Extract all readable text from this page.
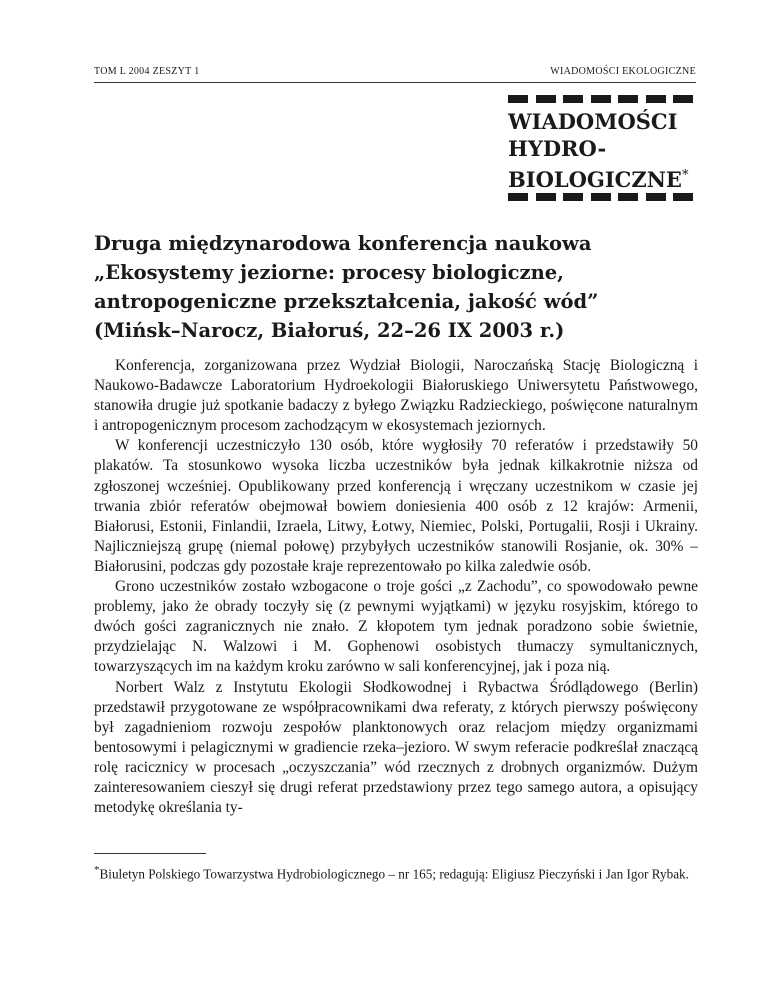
TOM L 2004 ZESZYT 1	WIADOMOŚCI EKOLOGICZNE
WIADOMOŚCI
HYDRO-
BIOLOGICZNE*
Druga międzynarodowa konferencja naukowa
„Ekosystemy jeziorne: procesy biologiczne,
antropogeniczne przekształcenia, jakość wód”
(Mińsk–Narocz, Białoruś, 22–26 IX 2003 r.)

Konferencja, zorganizowana przez Wydział Biologii, Naroczańską Stację Biologiczną i Naukowo-Badawcze Laboratorium Hydroekologii Białoruskiego Uniwersytetu Państwowego, stanowiła drugie już spotkanie badaczy z byłego Związku Radzieckiego, poświęcone naturalnym i antropogenicznym procesom zachodzącym w ekosystemach jeziornych.

W konferencji uczestniczyło 130 osób, które wygłosiły 70 referatów i przedstawiły 50 plakatów. Ta stosunkowo wysoka liczba uczestników była jednak kilkakrotnie niższa od zgłoszonej wcześniej. Opublikowany przed konferencją i wręczany uczestnikom w czasie jej trwania zbiór referatów obejmował bowiem doniesienia 400 osób z 12 krajów: Armenii, Białorusi, Estonii, Finlandii, Izraela, Litwy, Łotwy, Niemiec, Polski, Portugalii, Rosji i Ukrainy. Najliczniejszą grupę (niemal połowę) przybyłych uczestników stanowili Rosjanie, ok. 30% – Białorusini, podczas gdy pozostałe kraje reprezentowało po kilka zaledwie osób.

Grono uczestników zostało wzbogacone o troje gości „z Zachodu”, co spowodowało pewne problemy, jako że obrady toczyły się (z pewnymi wyjątkami) w języku rosyjskim, którego to dwóch gości zagranicznych nie znało. Z kłopotem tym jednak poradzono sobie świetnie, przydzielając N. Walzowi i M. Gophenowi osobistych tłumaczy symultanicznych, towarzyszących im na każdym kroku zarówno w sali konferencyjnej, jak i poza nią.

Norbert Walz z Instytutu Ekologii Słodkowodnej i Rybactwa Śródlądowego (Berlin) przedstawił przygotowane ze współpracownikami dwa referaty, z których pierwszy poświęcony był zagadnieniom rozwoju zespołów planktonowych oraz relacjom między organizmami bentosowymi i pelagicznymi w gradiencie rzeka–jezioro. W swym referacie podkreślał znaczącą rolę racicznicy w procesach „oczyszczania” wód rzecznych z drobnych organizmów. Dużym zainteresowaniem cieszył się drugi referat przedstawiony przez tego samego autora, a opisujący metodykę określania ty-

*Biuletyn Polskiego Towarzystwa Hydrobiologicznego – nr 165; redagują: Eligiusz Pieczyński i Jan Igor Rybak.
